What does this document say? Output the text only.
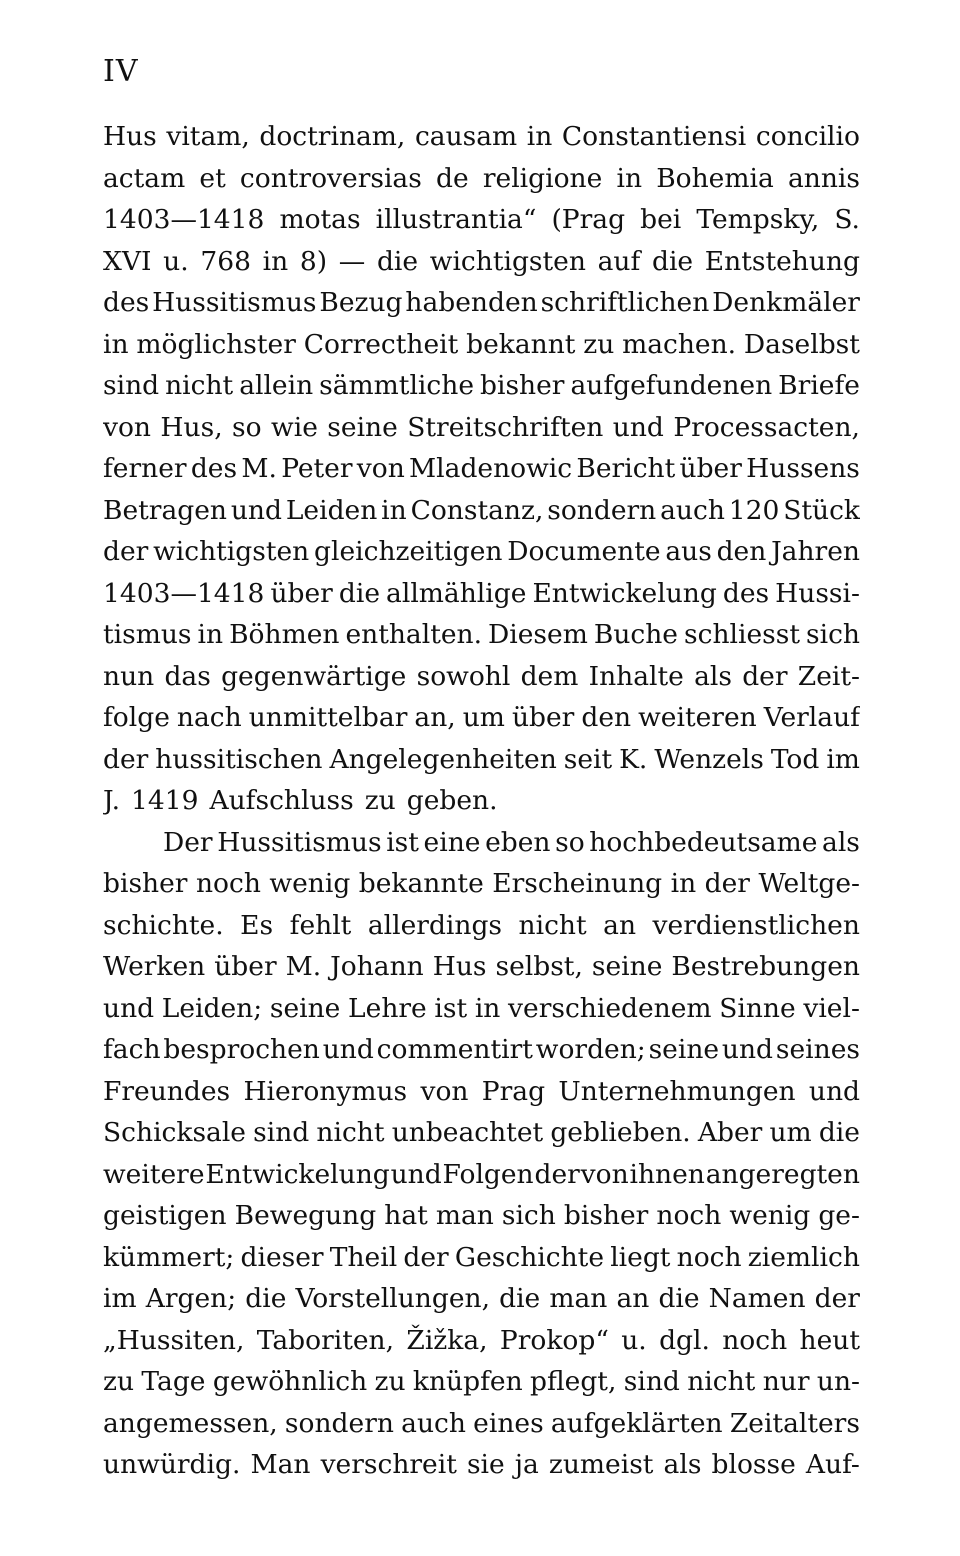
IV
Hus vitam, doctrinam, causam in Constantiensi concilio
actam et controversias de religione in Bohemia annis
1403—1418 motas illustrantia“ (Prag bei Tempsky, S.
XVI u. 768 in 8) — die wichtigsten auf die Entstehung
des Hussitismus Bezug habenden schriftlichen Denkmäler
in möglichster Correctheit bekannt zu machen. Daselbst
sind nicht allein sämmtliche bisher aufgefundenen Briefe
von Hus, so wie seine Streitschriften und Processacten,
ferner des M. Peter von Mladenowic Bericht über Hussens
Betragen und Leiden in Constanz, sondern auch 120 Stück
der wichtigsten gleichzeitigen Documente aus den Jahren
1403—1418 über die allmählige Entwickelung des Hussi-
tismus in Böhmen enthalten. Diesem Buche schliesst sich
nun das gegenwärtige sowohl dem Inhalte als der Zeit-
folge nach unmittelbar an, um über den weiteren Verlauf
der hussitischen Angelegenheiten seit K. Wenzels Tod im
J. 1419 Aufschluss zu geben.
Der Hussitismus ist eine eben so hochbedeutsame als
bisher noch wenig bekannte Erscheinung in der Weltge-
schichte. Es fehlt allerdings nicht an verdienstlichen
Werken über M. Johann Hus selbst, seine Bestrebungen
und Leiden; seine Lehre ist in verschiedenem Sinne viel-
fach besprochen und commentirt worden; seine und seines
Freundes Hieronymus von Prag Unternehmungen und
Schicksale sind nicht unbeachtet geblieben. Aber um die
weitere Entwickelung und Folgen der von ihnen angeregten
geistigen Bewegung hat man sich bisher noch wenig ge-
kümmert; dieser Theil der Geschichte liegt noch ziemlich
im Argen; die Vorstellungen, die man an die Namen der
„Hussiten, Taboriten, Žižka, Prokop“ u. dgl. noch heut
zu Tage gewöhnlich zu knüpfen pflegt, sind nicht nur un-
angemessen, sondern auch eines aufgeklärten Zeitalters
unwürdig. Man verschreit sie ja zumeist als blosse Auf-
